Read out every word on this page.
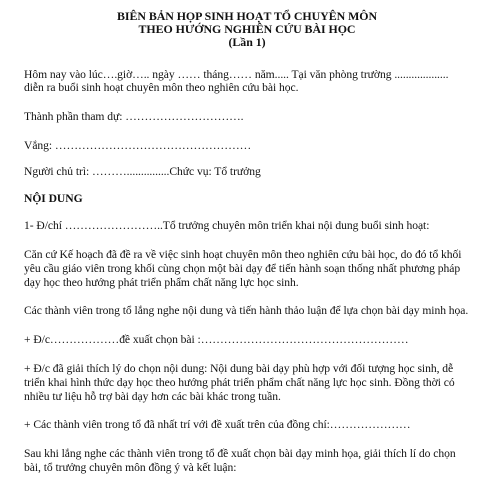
BIÊN BẢN HỌP SINH HOẠT TỔ CHUYÊN MÔN
THEO HƯỚNG NGHIÊN CỨU BÀI HỌC
(Lần 1)
Hôm nay vào lúc….giờ….. ngày …… tháng…… năm..... Tại văn phòng trường ...................
diễn ra buổi sinh hoạt chuyên môn theo nghiên cứu bài học.
Thành phần tham dự: ………………………….
Vắng: ……………………………………………
Người chủ trì: ………...............Chức vụ: Tổ trưởng
NỘI DUNG
1- Đ/chí ……………………..Tổ trưởng chuyên môn triển khai nội dung buổi sinh hoạt:
Căn cứ Kế hoạch đã đề ra về việc sinh hoạt chuyên môn theo nghiên cứu bài học, do đó tổ khối
yêu cầu giáo viên trong khối cùng chọn một bài dạy để tiến hành soạn thống nhất phương pháp
dạy học theo hướng phát triển phẩm chất năng lực học sinh.
Các thành viên trong tổ lắng nghe nội dung và tiến hành thảo luận để lựa chọn bài dạy minh họa.
+ Đ/c………………đề xuất chọn bài :………………………………………………
+ Đ/c đã giải thích lý do chọn nội dung: Nội dung bài dạy phù hợp với đối tượng học sinh, dễ
triển khai hình thức dạy học theo hướng phát triển phẩm chất năng lực học sinh. Đồng thời có
nhiều tư liệu hỗ trợ bài dạy hơn các bài khác trong tuần.
+ Các thành viên trong tổ đã nhất trí với đề xuất trên của đồng chí:…………………
Sau khi lắng nghe các thành viên trong tổ đề xuất chọn bài dạy minh họa, giải thích lí do chọn
bài, tổ trưởng chuyên môn đồng ý và kết luận:
